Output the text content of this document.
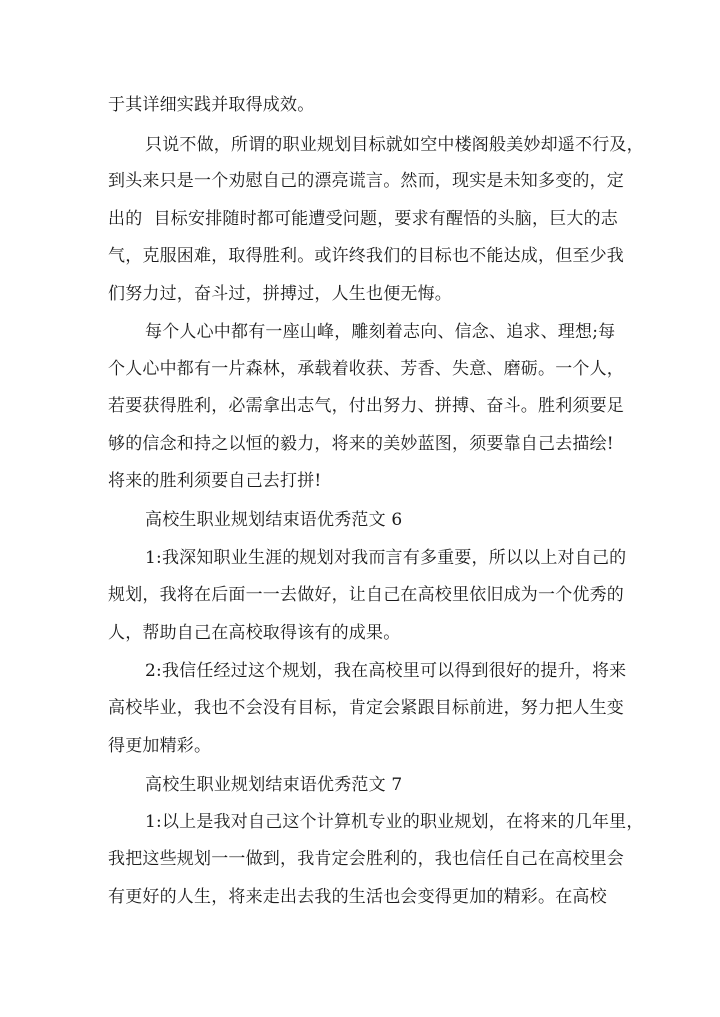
于其详细实践并取得成效。
只说不做，所谓的职业规划目标就如空中楼阁般美妙却遥不行及，
到头来只是一个劝慰自己的漂亮谎言。然而，现实是未知多变的，定
出的  目标安排随时都可能遭受问题，要求有醒悟的头脑，巨大的志
气，克服困难，取得胜利。或许终我们的目标也不能达成，但至少我
们努力过，奋斗过，拼搏过，人生也便无悔。
每个人心中都有一座山峰，雕刻着志向、信念、追求、理想;每
个人心中都有一片森林，承载着收获、芳香、失意、磨砺。一个人，
若要获得胜利，必需拿出志气，付出努力、拼搏、奋斗。胜利须要足
够的信念和持之以恒的毅力，将来的美妙蓝图，须要靠自己去描绘!
将来的胜利须要自己去打拼!
高校生职业规划结束语优秀范文 6
1:我深知职业生涯的规划对我而言有多重要，所以以上对自己的
规划，我将在后面一一去做好，让自己在高校里依旧成为一个优秀的
人，帮助自己在高校取得该有的成果。
2:我信任经过这个规划，我在高校里可以得到很好的提升，将来
高校毕业，我也不会没有目标，肯定会紧跟目标前进，努力把人生变
得更加精彩。
高校生职业规划结束语优秀范文 7
1:以上是我对自己这个计算机专业的职业规划，在将来的几年里，
我把这些规划一一做到，我肯定会胜利的，我也信任自己在高校里会
有更好的人生，将来走出去我的生活也会变得更加的精彩。在高校
